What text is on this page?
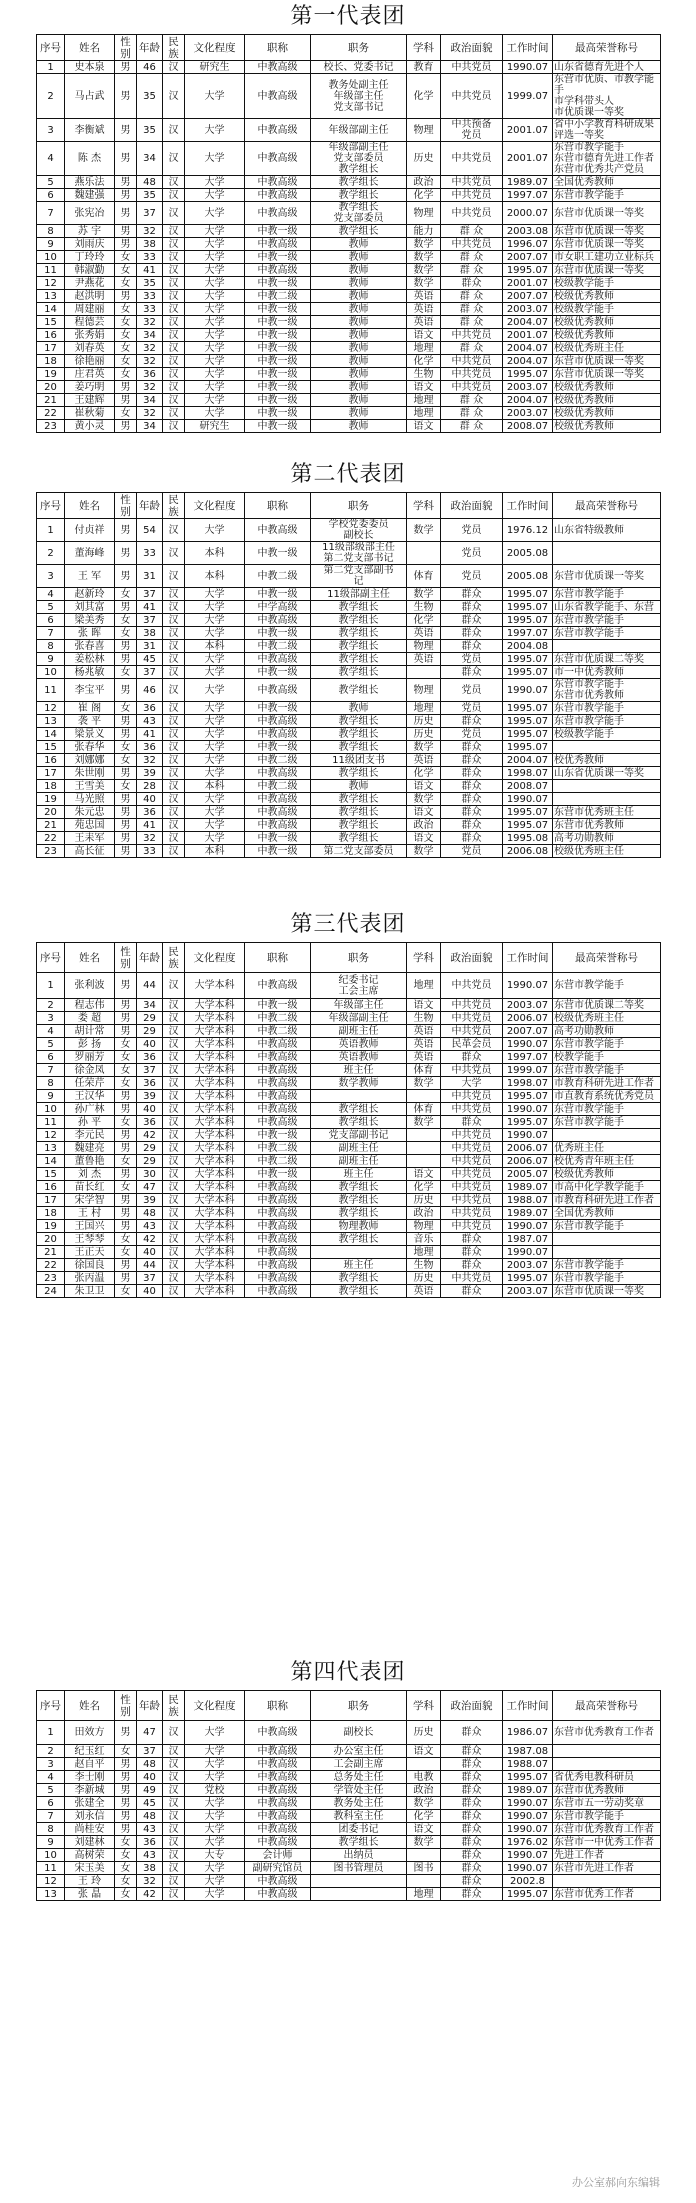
第一代表团
序号	姓名	性别	年龄	民族	文化程度	职称	职务	学科	政治面貌	工作时间	最高荣誉称号
1	史本泉	男	46	汉	研究生	中教高级	校长、党委书记	教育	中共党员	1990.07	山东省德育先进个人
2	马占武	男	35	汉	大学	中教高级	教务处副主任
年级部主任
党支部书记	化学	中共党员	1999.07	东营市优质、市教学能手
市学科带头人
市优质课一等奖
3	李衡斌	男	35	汉	大学	中教高级	年级部副主任	物理	中共预备
党员	2001.07	省中小学教育科研成果
评选一等奖
4	陈 杰	男	34	汉	大学	中教高级	年级部副主任
党支部委员
教学组长	历史	中共党员	2001.07	东营市教学能手
东营市德育先进工作者
东营市优秀共产党员
5	燕乐法	男	48	汉	大学	中教高级	教学组长	政治	中共党员	1989.07	全国优秀教师
6	魏建强	男	35	汉	大学	中教高级	教学组长	化学	中共党员	1997.07	东营市教学能手
7	张宪冶	男	37	汉	大学	中教高级	教学组长
党支部委员	物理	中共党员	2000.07	东营市优质课一等奖
8	苏 宇	男	32	汉	大学	中教一级	教学组长	能力	群 众	2003.08	东营市优质课一等奖
9	刘雨庆	男	38	汉	大学	中教高级	教师	数学	中共党员	1996.07	东营市优质课一等奖
10	丁玲玲	女	33	汉	大学	中教一级	教师	数学	群 众	2007.07	市女职工建功立业标兵
11	韩淑勤	女	41	汉	大学	中教高级	教师	数学	群 众	1995.07	东营市优质课一等奖
12	尹燕花	女	35	汉	大学	中教一级	教师	数学	群众	2001.07	校级教学能手
13	赵洪明	男	33	汉	大学	中教二级	教师	英语	群 众	2007.07	校级优秀教师
14	周建丽	女	33	汉	大学	中教一级	教师	英语	群 众	2003.07	校级教学能手
15	程德芸	女	32	汉	大学	中教一级	教师	英语	群 众	2004.07	校级优秀教师
16	张秀娟	女	34	汉	大学	中教一级	教师	语文	中共党员	2001.07	校级优秀教师
17	刘春英	女	32	汉	大学	中教一级	教师	地理	群 众	2004.07	校级优秀班主任
18	徐艳丽	女	32	汉	大学	中教一级	教师	化学	中共党员	2004.07	东营市优质课一等奖
19	庄君英	女	36	汉	大学	中教一级	教师	生物	中共党员	1995.07	东营市优质课一等奖
20	姜巧明	男	32	汉	大学	中教一级	教师	语文	中共党员	2003.07	校级优秀教师
21	王建辉	男	34	汉	大学	中教一级	教师	地理	群 众	2004.07	校级优秀教师
22	崔秋菊	女	32	汉	大学	中教一级	教师	地理	群 众	2003.07	校级优秀教师
23	黄小灵	男	34	汉	研究生	中教一级	教师	语文	群 众	2008.07	校级优秀教师
第二代表团
序号	姓名	性别	年龄	民族	文化程度	职称	职务	学科	政治面貌	工作时间	最高荣誉称号
1	付贞祥	男	54	汉	大学	中教高级	学校党委委员
副校长	数学	党员	1976.12	山东省特级教师
2	董海峰	男	33	汉	本科	中教一级	11级部级部主任
第二党支部书记		党员	2005.08	
3	王 军	男	31	汉	本科	中教二级	第二党支部副书
记	体育	党员	2005.08	东营市优质课一等奖
4	赵新玲	女	37	汉	大学	中教一级	11级部副主任	数学	群众	1995.07	东营市教学能手
5	刘其富	男	41	汉	大学	中学高级	教学组长	生物	群众	1995.07	山东省教学能手、东营
6	梁美秀	女	37	汉	大学	中教高级	教学组长	化学	群众	1995.07	东营市教学能手
7	张 晖	女	38	汉	大学	中教一级	教学组长	英语	群众	1997.07	东营市教学能手
8	张春喜	男	31	汉	本科	中教二级	教学组长	物理	群众	2004.08	
9	姜松林	男	45	汉	大学	中教高级	教学组长	英语	党员	1995.07	东营市优质课二等奖
10	杨兆敏	女	37	汉	大学	中教一级	教学组长		群众	1995.07	市一中优秀教师
11	李宝平	男	46	汉	大学	中教高级	教学组长	物理	党员	1990.07	东营市教学能手
东营市优秀教师
12	崔 阁	女	36	汉	大学	中教一级	教师	地理	党员	1995.07	东营市教学能手
13	袭 平	男	43	汉	大学	中教高级	教学组长	历史	群众	1995.07	东营市教学能手
14	梁景义	男	41	汉	大学	中教高级	教学组长	历史	党员	1995.07	校级教学能手
15	张春华	女	36	汉	大学	中教一级	教学组长	数学	群众	1995.07	
16	刘娜娜	女	32	汉	大学	中教二级	11级团支书	英语	群众	2004.07	校优秀教师
17	朱世刚	男	39	汉	大学	中教高级	教学组长	化学	群众	1998.07	山东省优质课一等奖
18	王雪美	女	28	汉	本科	中教二级	教师	语文	群众	2008.07	
19	马光照	男	40	汉	大学	中教高级	教学组长	数学	群众	1990.07	
20	朱元忠	男	36	汉	大学	中教高级	教学组长	语文	群众	1995.07	东营市优秀班主任
21	苑忠国	男	41	汉	大学	中教高级	教学组长	政治	群众	1995.07	东营市优秀教师
22	王耒军	男	32	汉	大学	中教一级	教学组长	语文	群众	1995.08	高考功勋教师
23	高长征	男	33	汉	本科	中教一级	第二党支部委员	数学	党员	2006.08	校级优秀班主任
第三代表团
序号	姓名	性别	年龄	民族	文化程度	职称	职务	学科	政治面貌	工作时间	最高荣誉称号
1	张利波	男	44	汉	大学本科	中教高级	纪委书记
工会主席	地理	中共党员	1990.07	东营市教学能手
2	程志伟	男	34	汉	大学本科	中教一级	年级部主任	语文	中共党员	2003.07	东营市优质课二等奖
3	娄 超	男	29	汉	大学本科	中教二级	年级部副主任	生物	中共党员	2006.07	校级优秀班主任
4	胡计常	男	29	汉	大学本科	中教二级	副班主任	英语	中共党员	2007.07	高考功勋教师
5	彭 扬	女	40	汉	大学本科	中教高级	英语教师	英语	民革会员	1990.07	东营市教学能手
6	罗丽芳	女	36	汉	大学本科	中教高级	英语教师	英语	群众	1997.07	校教学能手
7	徐金凤	女	37	汉	大学本科	中教高级	班主任	体育	中共党员	1999.07	东营市教学能手
8	任荣芹	女	36	汉	大学本科	中教高级	数学教师	数学	大学	1998.07	市教育科研先进工作者
9	王汉华	男	39	汉	大学本科	中教高级			中共党员	1995.07	市直教育系统优秀党员
10	孙广林	男	40	汉	大学本科	中教高级	教学组长	体育	中共党员	1990.07	东营市教学能手
11	孙 平	女	36	汉	大学本科	中教高级	教学组长	数学	群众	1995.07	东营市教学能手
12	李元民	男	42	汉	大学本科	中教一级	党支部副书记		中共党员	1990.07	
13	魏建亮	男	29	汉	大学本科	中教二级	副班主任		中共党员	2006.07	优秀班主任
14	董鲁艳	女	29	汉	大学本科	中教二级	副班主任		中共党员	2006.07	校优秀青年班主任
15	刘 杰	男	30	汉	大学本科	中教一级	班主任	语文	中共党员	2005.07	校级优秀教师
16	苗长红	女	47	汉	大学本科	中教高级	教学组长	化学	中共党员	1989.07	市高中化学教学能手
17	宋学智	男	39	汉	大学本科	中教高级	教学组长	历史	中共党员	1988.07	市教育科研先进工作者
18	王 村	男	48	汉	大学本科	中教高级	教学组长	政治	中共党员	1989.07	全国优秀教师
19	王国兴	男	43	汉	大学本科	中教高级	物理教师	物理	中共党员	1990.07	东营市教学能手
20	王琴琴	女	42	汉	大学本科	中教高级	教学组长	音乐	群众	1987.07	
21	王正天	女	40	汉	大学本科	中教高级		地理	群众	1990.07	
22	徐国良	男	44	汉	大学本科	中教高级	班主任	生物	群众	2003.07	东营市教学能手
23	张丙温	男	37	汉	大学本科	中教高级	教学组长	历史	中共党员	1995.07	东营市教学能手
24	朱卫卫	女	40	汉	大学本科	中教高级	教学组长	英语	群众	2003.07	东营市优质课一等奖
第四代表团
序号	姓名	性别	年龄	民族	文化程度	职称	职务	学科	政治面貌	工作时间	最高荣誉称号
1	田效方	男	47	汉	大学	中教高级	副校长	历史	群众	1986.07	东营市优秀教育工作者
2	纪玉红	女	37	汉	大学	中教高级	办公室主任	语文	群众	1987.08	
3	赵自平	男	48	汉	大学	中教高级	工会副主席		群众	1988.07	
4	李士刚	男	40	汉	大学	中教高级	总务处主任	电教	群众	1995.07	省优秀电教科研员
5	李新城	男	49	汉	党校	中教高级	学管处主任	政治	群众	1989.07	东营市优秀教师
6	张建全	男	45	汉	大学	中教高级	教务处主任	数学	群众	1990.07	东营市五一劳动奖章
7	刘永信	男	48	汉	大学	中教高级	教科室主任	化学	群众	1990.07	东营市教学能手
8	尚桂安	男	43	汉	大学	中教高级	团委书记	语文	群众	1990.07	东营市优秀教育工作者
9	刘建林	女	36	汉	大学	中教高级	教学组长	数学	群众	1976.02	东营市一中优秀工作者
10	高树荣	女	43	汉	大专	会计师	出纳员		群众	1990.07	先进工作者
11	宋玉美	女	38	汉	大学	副研究馆员	图书管理员	图书	群众	1990.07	东营市先进工作者
12	王 玲	女	32	汉	大学	中教高级			群众	2002.8	
13	张 晶	女	42	汉	大学	中教高级		地理	群众	1995.07	东营市优秀工作者
办公室郝向东编辑
